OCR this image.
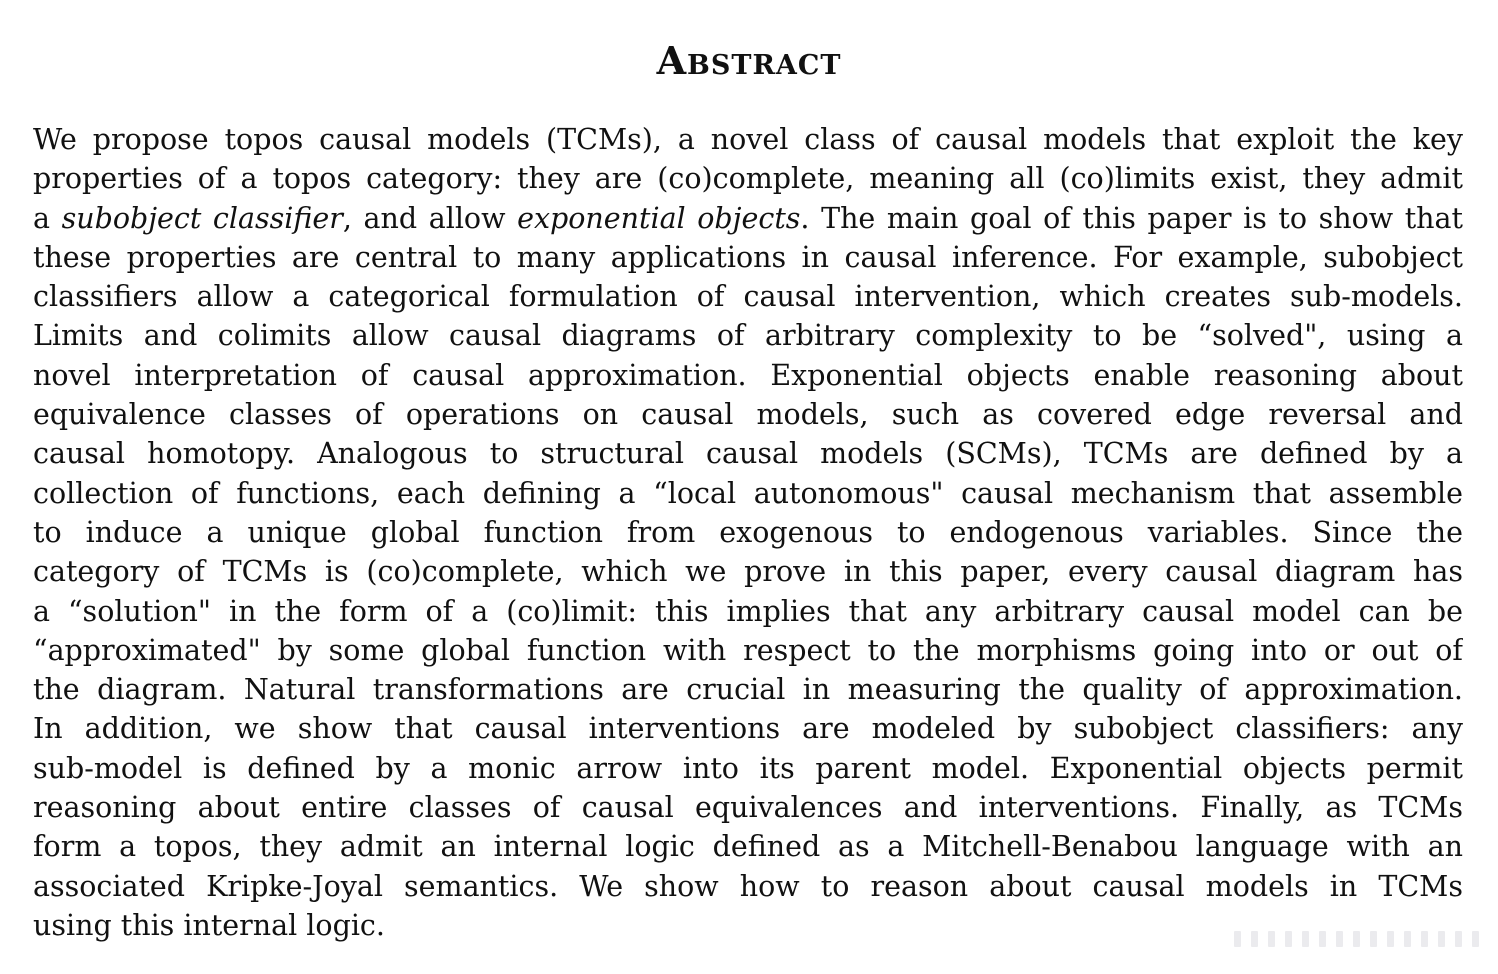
Abstract
We propose topos causal models (TCMs), a novel class of causal models that exploit the key
properties of a topos category: they are (co)complete, meaning all (co)limits exist, they admit
a subobject classifier, and allow exponential objects. The main goal of this paper is to show that
these properties are central to many applications in causal inference. For example, subobject
classifiers allow a categorical formulation of causal intervention, which creates sub-models.
Limits and colimits allow causal diagrams of arbitrary complexity to be “solved", using a
novel interpretation of causal approximation. Exponential objects enable reasoning about
equivalence classes of operations on causal models, such as covered edge reversal and
causal homotopy. Analogous to structural causal models (SCMs), TCMs are defined by a
collection of functions, each defining a “local autonomous" causal mechanism that assemble
to induce a unique global function from exogenous to endogenous variables. Since the
category of TCMs is (co)complete, which we prove in this paper, every causal diagram has
a “solution" in the form of a (co)limit: this implies that any arbitrary causal model can be
“approximated" by some global function with respect to the morphisms going into or out of
the diagram. Natural transformations are crucial in measuring the quality of approximation.
In addition, we show that causal interventions are modeled by subobject classifiers: any
sub-model is defined by a monic arrow into its parent model. Exponential objects permit
reasoning about entire classes of causal equivalences and interventions. Finally, as TCMs
form a topos, they admit an internal logic defined as a Mitchell-Benabou language with an
associated Kripke-Joyal semantics. We show how to reason about causal models in TCMs
using this internal logic.
